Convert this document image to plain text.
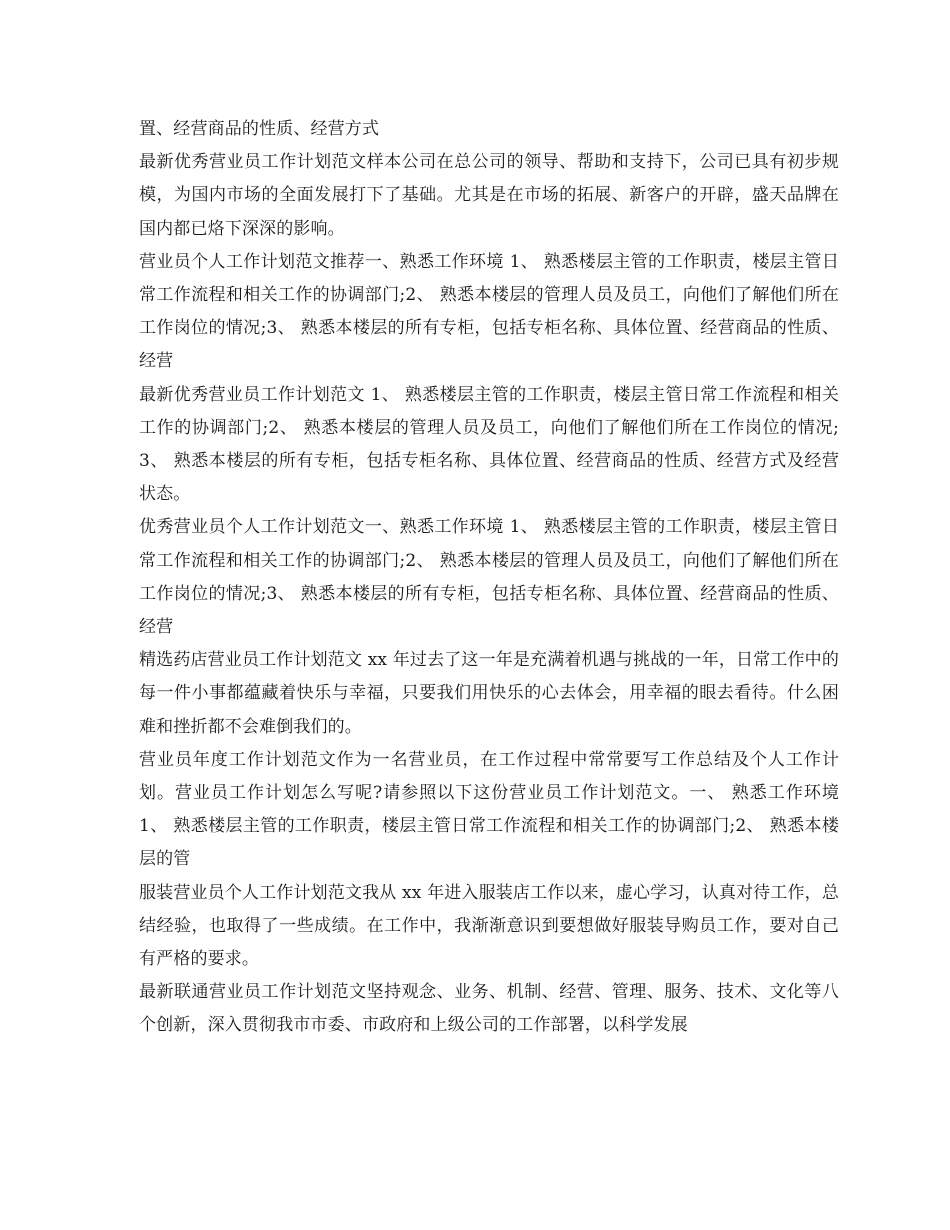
置、经营商品的性质、经营方式

最新优秀营业员工作计划范文样本公司在总公司的领导、帮助和支持下，公司已具有初步规模，为国内市场的全面发展打下了基础。尤其是在市场的拓展、新客户的开辟，盛天品牌在国内都已烙下深深的影响。

营业员个人工作计划范文推荐一、熟悉工作环境 1、 熟悉楼层主管的工作职责，楼层主管日常工作流程和相关工作的协调部门;2、 熟悉本楼层的管理人员及员工，向他们了解他们所在工作岗位的情况;3、 熟悉本楼层的所有专柜，包括专柜名称、具体位置、经营商品的性质、经营

最新优秀营业员工作计划范文 1、 熟悉楼层主管的工作职责，楼层主管日常工作流程和相关工作的协调部门;2、 熟悉本楼层的管理人员及员工，向他们了解他们所在工作岗位的情况;3、 熟悉本楼层的所有专柜，包括专柜名称、具体位置、经营商品的性质、经营方式及经营状态。

优秀营业员个人工作计划范文一、熟悉工作环境 1、 熟悉楼层主管的工作职责，楼层主管日常工作流程和相关工作的协调部门;2、 熟悉本楼层的管理人员及员工，向他们了解他们所在工作岗位的情况;3、 熟悉本楼层的所有专柜，包括专柜名称、具体位置、经营商品的性质、经营

精选药店营业员工作计划范文 xx 年过去了这一年是充满着机遇与挑战的一年，日常工作中的每一件小事都蕴藏着快乐与幸福，只要我们用快乐的心去体会，用幸福的眼去看待。什么困难和挫折都不会难倒我们的。

营业员年度工作计划范文作为一名营业员，在工作过程中常常要写工作总结及个人工作计划。营业员工作计划怎么写呢?请参照以下这份营业员工作计划范文。一、 熟悉工作环境 1、 熟悉楼层主管的工作职责，楼层主管日常工作流程和相关工作的协调部门;2、 熟悉本楼层的管

服装营业员个人工作计划范文我从 xx 年进入服装店工作以来，虚心学习，认真对待工作，总结经验，也取得了一些成绩。在工作中，我渐渐意识到要想做好服装导购员工作，要对自己有严格的要求。

最新联通营业员工作计划范文坚持观念、业务、机制、经营、管理、服务、技术、文化等八个创新，深入贯彻我市市委、市政府和上级公司的工作部署，以科学发展
